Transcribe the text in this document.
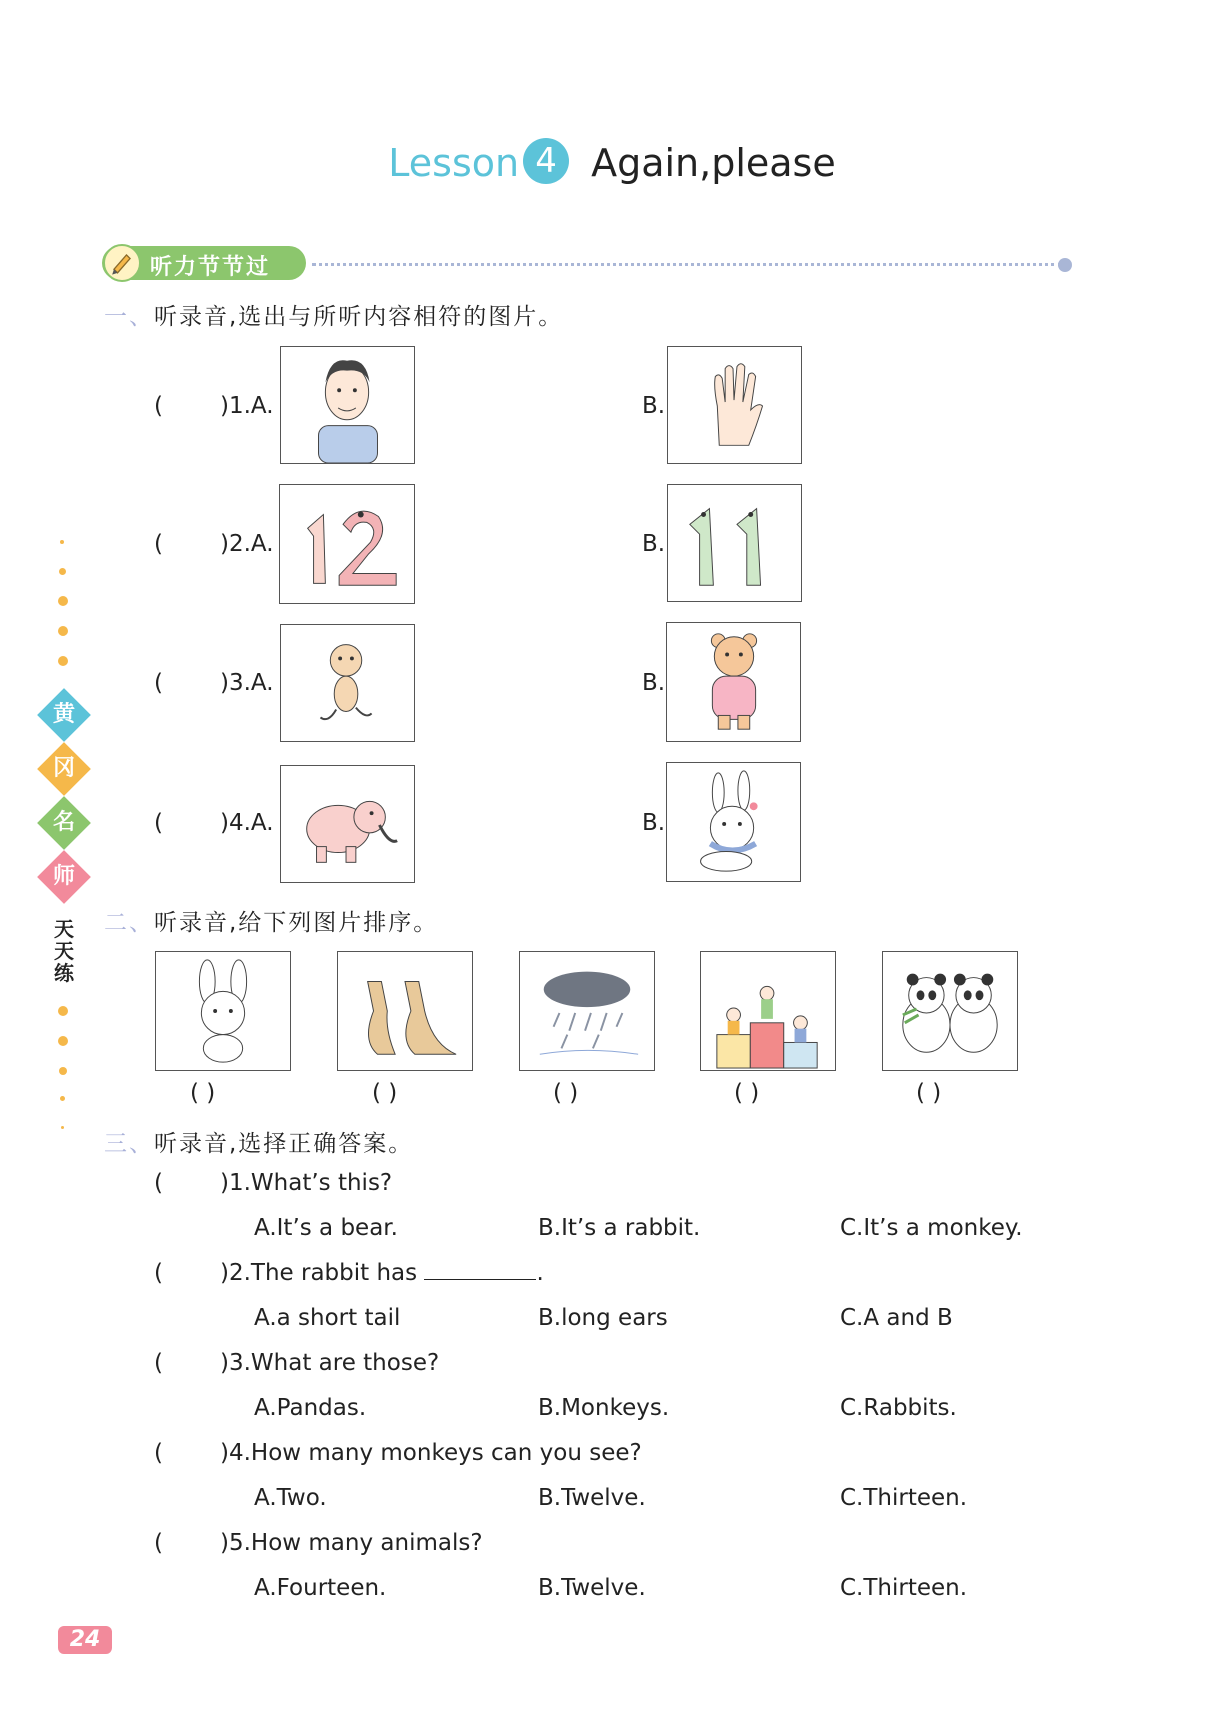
Lesson 4 Again,please
听力节节过
黄
冈
名
师
天天练
一、听录音,选出与所听内容相符的图片。
( )1.A.	B.
( )2.A.	B.
( )3.A.	B.
( )4.A.	B.
二、听录音,给下列图片排序。
( )	( )	( )	( )	( )
三、听录音,选择正确答案。
( )1.What’s this?
A.It’s a bear.	B.It’s a rabbit.	C.It’s a monkey.
( )2.The rabbit has	.
A.a short tail	B.long ears	C.A and B
( )3.What are those?
A.Pandas.	B.Monkeys.	C.Rabbits.
( )4.How many monkeys can you see?
A.Two.	B.Twelve.	C.Thirteen.
( )5.How many animals?
A.Fourteen.	B.Twelve.	C.Thirteen.
24
